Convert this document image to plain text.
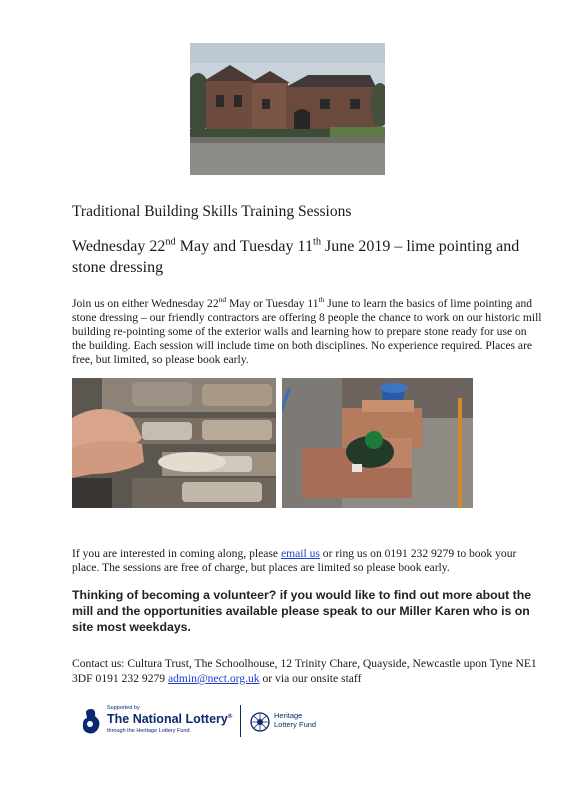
Traditional Building Skills Training Sessions
Wednesday 22nd May and Tuesday 11th June 2019 – lime pointing and stone dressing

Join us on either Wednesday 22nd May or Tuesday 11th June to learn the basics of lime pointing and stone dressing – our friendly contractors are offering 8 people the chance to work on our historic mill building re-pointing some of the exterior walls and learning how to prepare stone ready for use on the building. Each session will include time on both disciplines. No experience required. Places are free, but limited, so please book early.

If you are interested in coming along, please email us or ring us on 0191 232 9279 to book your place. The sessions are free of charge, but places are limited so please book early.

Thinking of becoming a volunteer? if you would like to find out more about the mill and the opportunities available please speak to our Miller Karen who is on site most weekdays.

Contact us: Cultura Trust, The Schoolhouse, 12 Trinity Chare, Quayside, Newcastle upon Tyne NE1 3DF 0191 232 9279 admin@nect.org.uk or via our onsite staff

Supported by
The National Lottery®
through the Heritage Lottery Fund
Heritage
Lottery Fund
